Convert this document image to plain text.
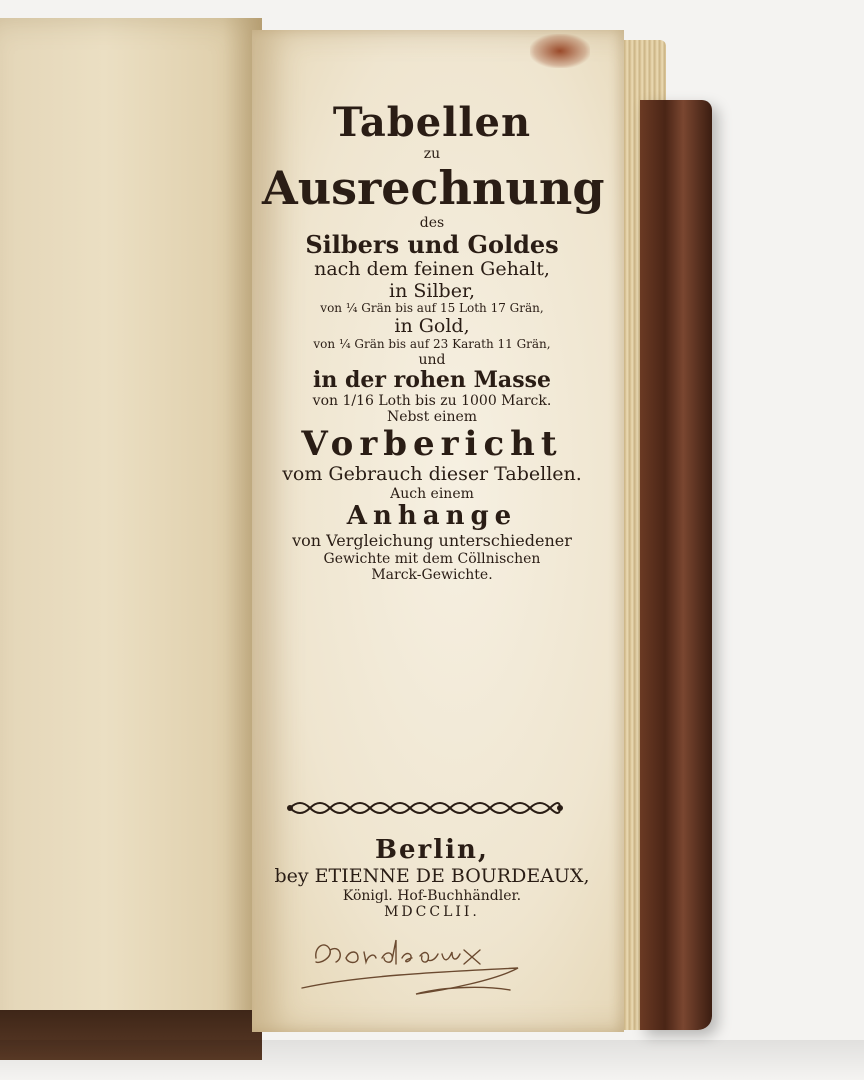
Tabellen
zu
Ausrechnung
des
Silbers und Goldes
nach dem feinen Gehalt,
in Silber,
von ¼ Grän bis auf 15 Loth 17 Grän,
in Gold,
von ¼ Grän bis auf 23 Karath 11 Grän,
und
in der rohen Masse
von 1/16 Loth bis zu 1000 Marck.
Nebst einem
Vorbericht
vom Gebrauch dieser Tabellen.
Auch einem
Anhange
von Vergleichung unterschiedener
Gewichte mit dem Cöllnischen
Marck-Gewichte.
Berlin,
bey ETIENNE DE BOURDEAUX,
Königl. Hof-Buchhändler.
MDCCLII.
